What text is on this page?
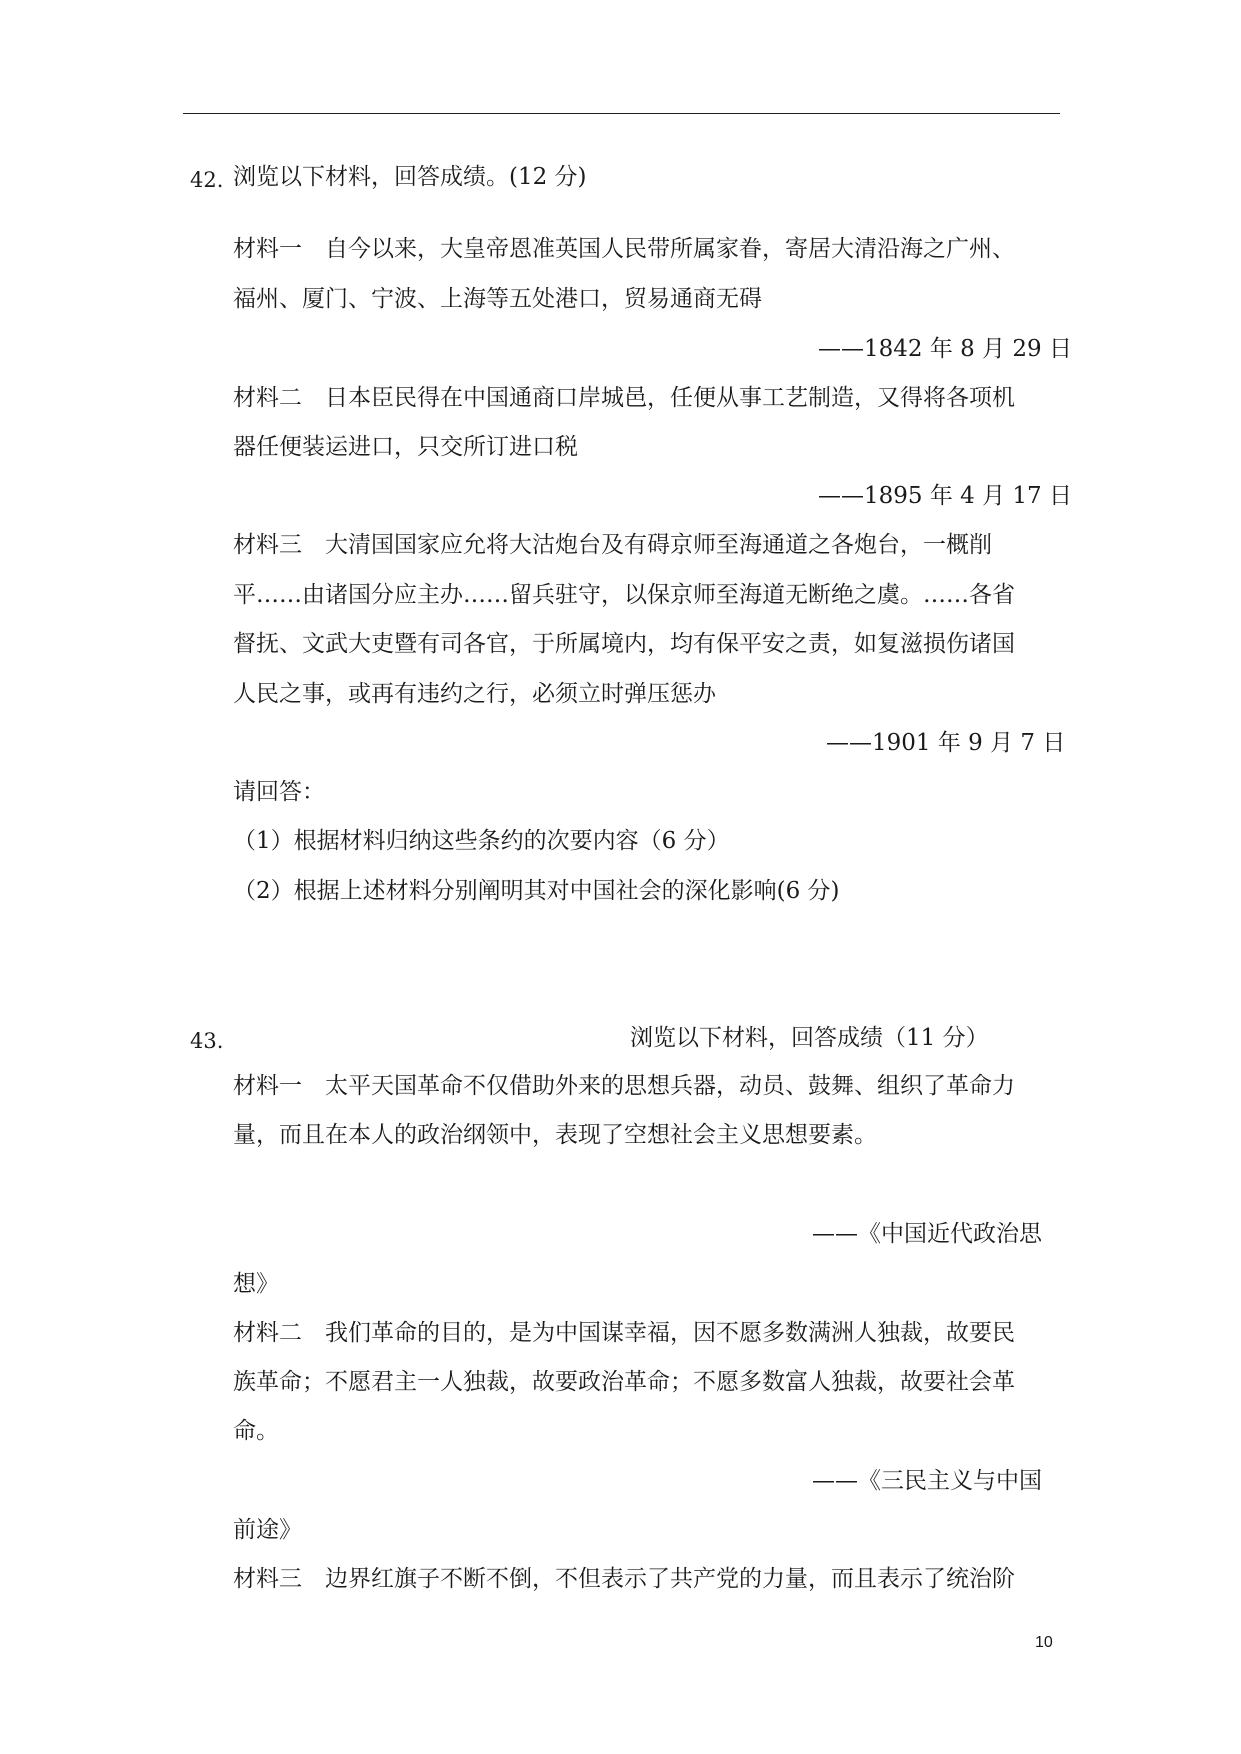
42. 浏览以下材料，回答成绩。(12 分)
材料一　自今以来，大皇帝恩准英国人民带所属家眷，寄居大清沿海之广州、
福州、厦门、宁波、上海等五处港口，贸易通商无碍
——1842 年 8 月 29 日
材料二　日本臣民得在中国通商口岸城邑，任便从事工艺制造，又得将各项机
器任便装运进口，只交所订进口税
——1895 年 4 月 17 日
材料三　大清国国家应允将大沽炮台及有碍京师至海通道之各炮台，一概削
平……由诸国分应主办……留兵驻守，以保京师至海道无断绝之虞。……各省
督抚、文武大吏暨有司各官，于所属境内，均有保平安之责，如复滋损伤诸国
人民之事，或再有违约之行，必须立时弹压惩办
——1901 年 9 月 7 日
请回答：
（1）根据材料归纳这些条约的次要内容（6 分）
（2）根据上述材料分别阐明其对中国社会的深化影响(6 分)
43.	浏览以下材料，回答成绩（11 分）
材料一　太平天国革命不仅借助外来的思想兵器，动员、鼓舞、组织了革命力
量，而且在本人的政治纲领中，表现了空想社会主义思想要素。
——《中国近代政治思
想》
材料二　我们革命的目的，是为中国谋幸福，因不愿多数满洲人独裁，故要民
族革命；不愿君主一人独裁，故要政治革命；不愿多数富人独裁，故要社会革
命。
——《三民主义与中国
前途》
材料三　边界红旗子不断不倒，不但表示了共产党的力量，而且表示了统治阶
10
